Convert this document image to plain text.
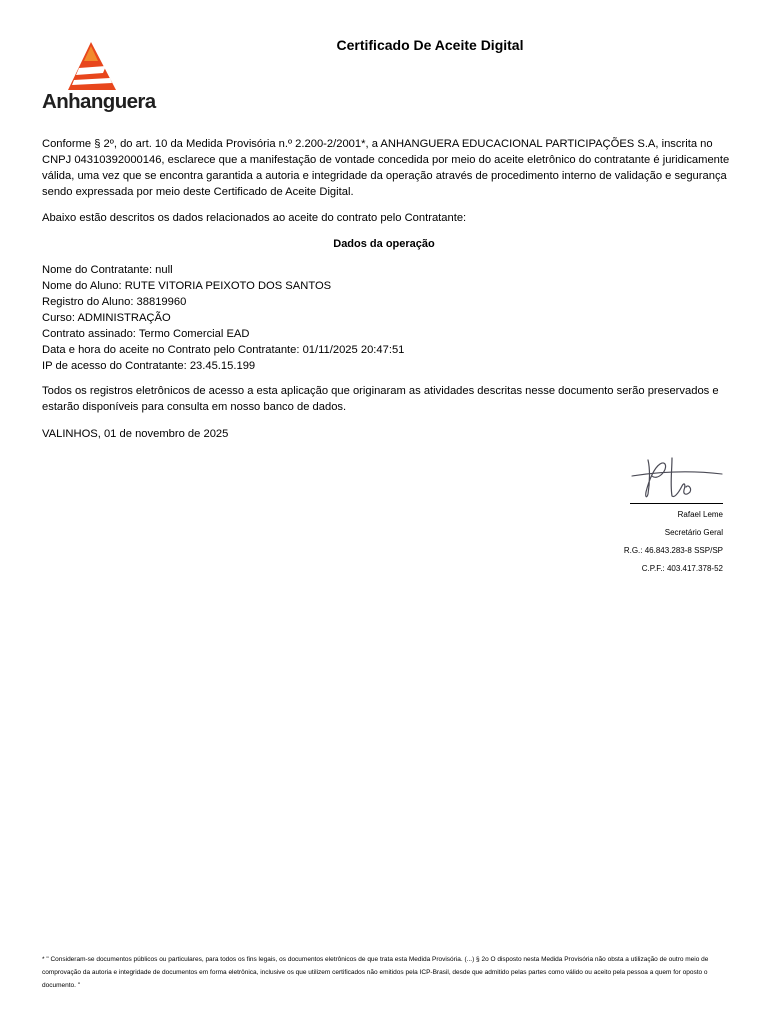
Anhanguera
Certificado De Aceite Digital
Conforme § 2º, do art. 10 da Medida Provisória n.º 2.200-2/2001*, a ANHANGUERA EDUCACIONAL PARTICIPAÇÕES S.A, inscrita no CNPJ 04310392000146, esclarece que a manifestação de vontade concedida por meio do aceite eletrônico do contratante é juridicamente válida, uma vez que se encontra garantida a autoria e integridade da operação através de procedimento interno de validação e segurança sendo expressada por meio deste Certificado de Aceite Digital.
Abaixo estão descritos os dados relacionados ao aceite do contrato pelo Contratante:
Dados da operação
Nome do Contratante: null
Nome do Aluno: RUTE VITORIA PEIXOTO DOS SANTOS
Registro do Aluno: 38819960
Curso: ADMINISTRAÇÃO
Contrato assinado: Termo Comercial EAD
Data e hora do aceite no Contrato pelo Contratante: 01/11/2025 20:47:51
IP de acesso do Contratante: 23.45.15.199
Todos os registros eletrônicos de acesso a esta aplicação que originaram as atividades descritas nesse documento serão preservados e estarão disponíveis para consulta em nosso banco de dados.
VALINHOS, 01 de novembro de 2025
Rafael Leme
Secretário Geral
R.G.: 46.843.283-8 SSP/SP
C.P.F.: 403.417.378-52
* " Consideram-se documentos públicos ou particulares, para todos os fins legais, os documentos eletrônicos de que trata esta Medida Provisória. (...) § 2o O disposto nesta Medida Provisória não obsta a utilização de outro meio de comprovação da autoria e integridade de documentos em forma eletrônica, inclusive os que utilizem certificados não emitidos pela ICP-Brasil, desde que admitido pelas partes como válido ou aceito pela pessoa a quem for oposto o documento. "
